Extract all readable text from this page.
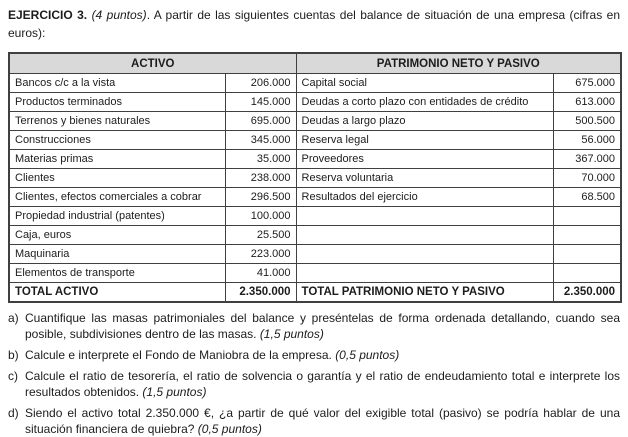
EJERCICIO 3. (4 puntos). A partir de las siguientes cuentas del balance de situación de una empresa (cifras en euros):

ACTIVO		PATRIMONIO NETO Y PASIVO	
Bancos c/c a la vista	206.000	Capital social	675.000
Productos terminados	145.000	Deudas a corto plazo con entidades de crédito	613.000
Terrenos y bienes naturales	695.000	Deudas a largo plazo	500.500
Construcciones	345.000	Reserva legal	56.000
Materias primas	35.000	Proveedores	367.000
Clientes	238.000	Reserva voluntaria	70.000
Clientes, efectos comerciales a cobrar	296.500	Resultados del ejercicio	68.500
Propiedad industrial (patentes)	100.000		
Caja, euros	25.500		
Maquinaria	223.000		
Elementos de transporte	41.000		
TOTAL ACTIVO	2.350.000	TOTAL PATRIMONIO NETO Y PASIVO	2.350.000
a) Cuantifique las masas patrimoniales del balance y preséntelas de forma ordenada detallando, cuando sea posible, subdivisiones dentro de las masas. (1,5 puntos)
b) Calcule e interprete el Fondo de Maniobra de la empresa. (0,5 puntos)
c) Calcule el ratio de tesorería, el ratio de solvencia o garantía y el ratio de endeudamiento total e interprete los resultados obtenidos. (1,5 puntos)
d) Siendo el activo total 2.350.000 €, ¿a partir de qué valor del exigible total (pasivo) se podría hablar de una situación financiera de quiebra? (0,5 puntos)
